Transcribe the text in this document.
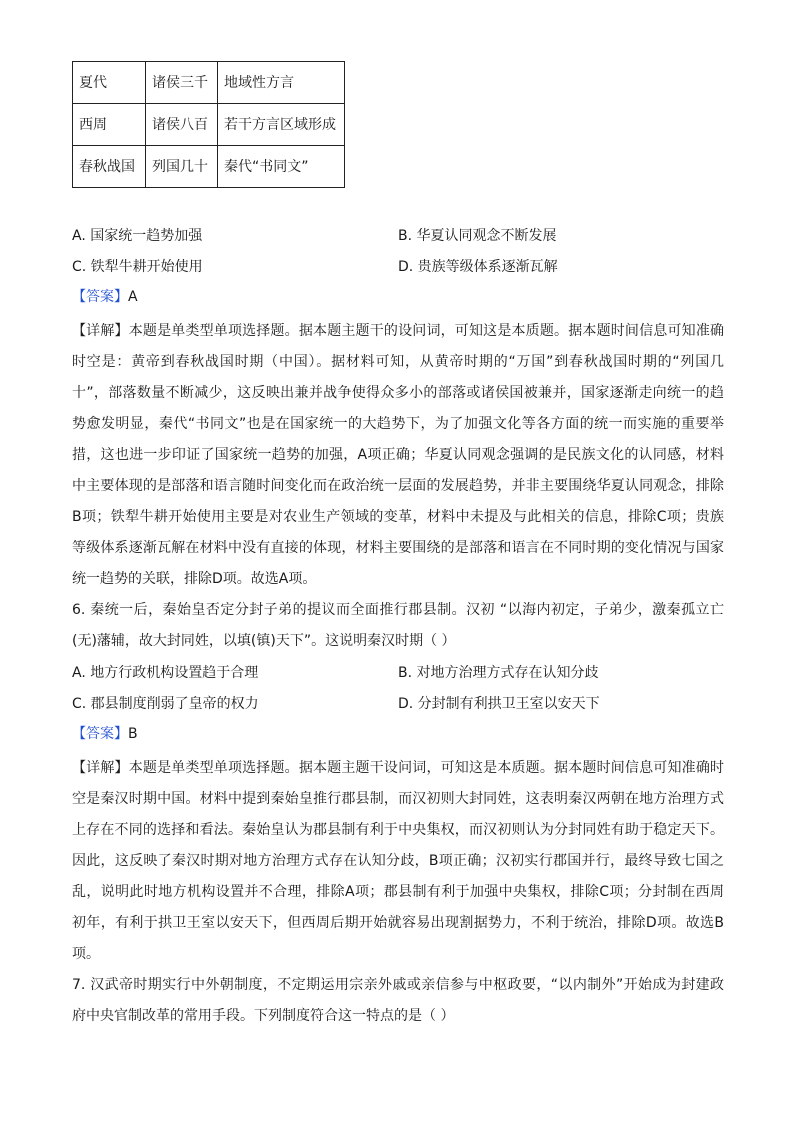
夏代	诸侯三千	地域性方言
西周	诸侯八百	若干方言区域形成
春秋战国	列国几十	秦代“书同文”
A. 国家统一趋势加强	B. 华夏认同观念不断发展
C. 铁犁牛耕开始使用	D. 贵族等级体系逐渐瓦解
【答案】A
【详解】本题是单类型单项选择题。据本题主题干的设问词，可知这是本质题。据本题时间信息可知准确
时空是：黄帝到春秋战国时期（中国）。据材料可知，从黄帝时期的“万国”到春秋战国时期的“列国几
十”，部落数量不断减少，这反映出兼并战争使得众多小的部落或诸侯国被兼并，国家逐渐走向统一的趋
势愈发明显，秦代“书同文”也是在国家统一的大趋势下，为了加强文化等各方面的统一而实施的重要举
措，这也进一步印证了国家统一趋势的加强，A项正确；华夏认同观念强调的是民族文化的认同感，材料
中主要体现的是部落和语言随时间变化而在政治统一层面的发展趋势，并非主要围绕华夏认同观念，排除
B项；铁犁牛耕开始使用主要是对农业生产领域的变革，材料中未提及与此相关的信息，排除C项；贵族
等级体系逐渐瓦解在材料中没有直接的体现，材料主要围绕的是部落和语言在不同时期的变化情况与国家
统一趋势的关联，排除D项。故选A项。
6. 秦统一后，秦始皇否定分封子弟的提议而全面推行郡县制。汉初 “以海内初定，子弟少，激秦孤立亡
(无)藩辅，故大封同姓，以填(镇)天下”。这说明秦汉时期（ ）
A. 地方行政机构设置趋于合理	B. 对地方治理方式存在认知分歧
C. 郡县制度削弱了皇帝的权力	D. 分封制有利拱卫王室以安天下
【答案】B
【详解】本题是单类型单项选择题。据本题主题干设问词，可知这是本质题。据本题时间信息可知准确时
空是秦汉时期中国。材料中提到秦始皇推行郡县制，而汉初则大封同姓，这表明秦汉两朝在地方治理方式
上存在不同的选择和看法。秦始皇认为郡县制有利于中央集权，而汉初则认为分封同姓有助于稳定天下。
因此，这反映了秦汉时期对地方治理方式存在认知分歧，B项正确；汉初实行郡国并行，最终导致七国之
乱，说明此时地方机构设置并不合理，排除A项；郡县制有利于加强中央集权，排除C项；分封制在西周
初年，有利于拱卫王室以安天下，但西周后期开始就容易出现割据势力，不利于统治，排除D项。故选B
项。
7. 汉武帝时期实行中外朝制度，不定期运用宗亲外戚或亲信参与中枢政要，“以内制外”开始成为封建政
府中央官制改革的常用手段。下列制度符合这一特点的是（ ）
